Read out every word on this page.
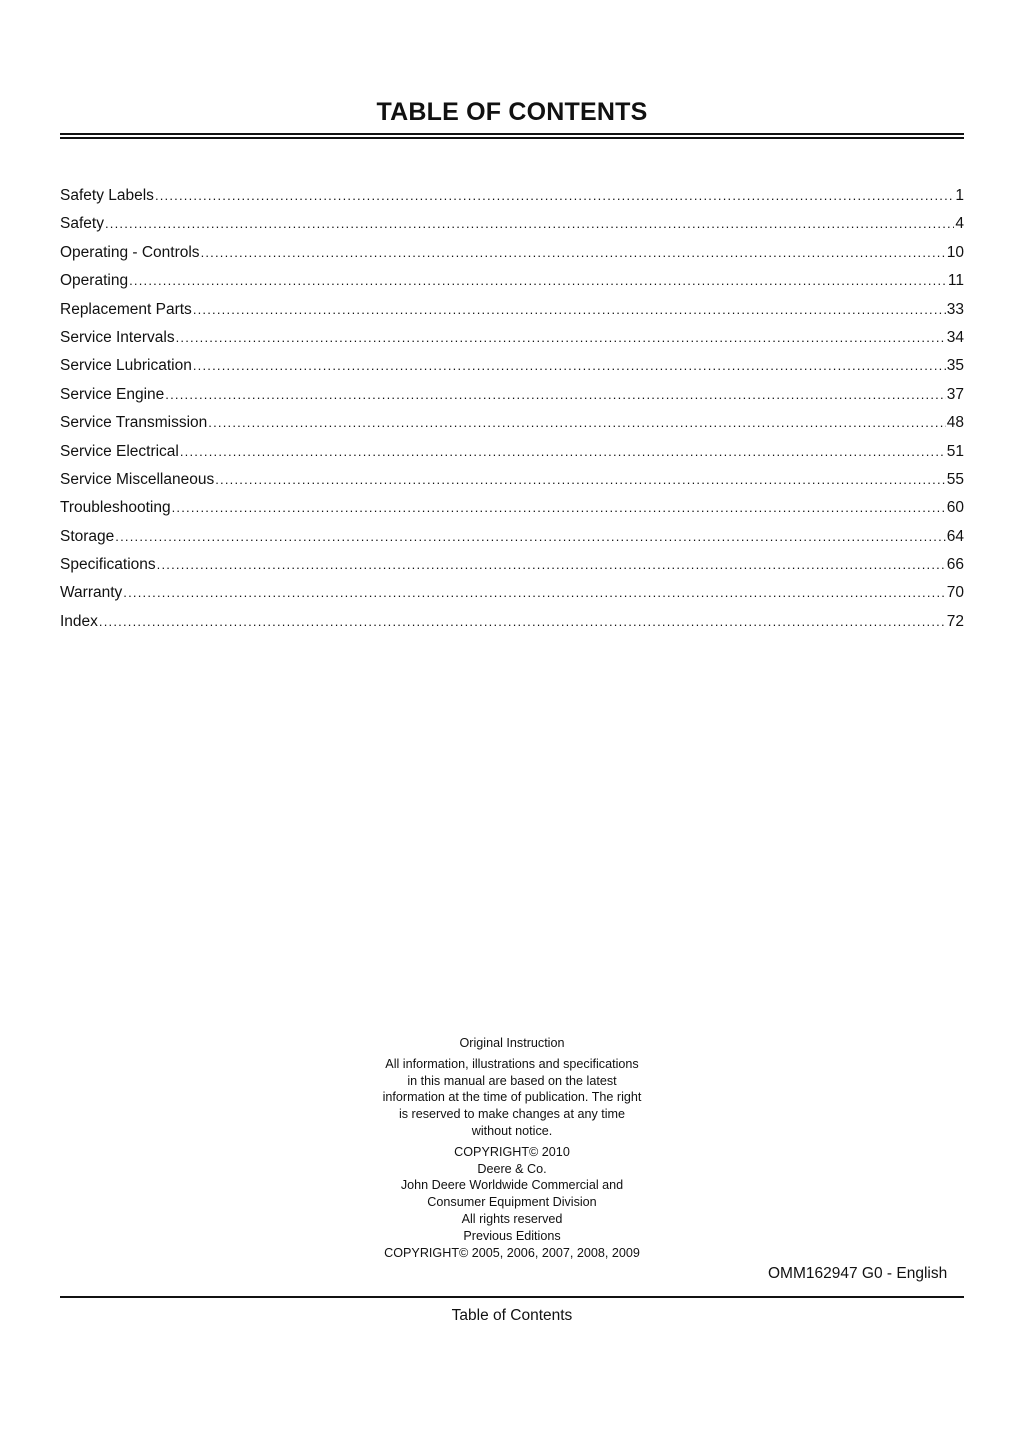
TABLE OF CONTENTS
Safety Labels .....	1
Safety .....	4
Operating - Controls .....	10
Operating .....	11
Replacement Parts .....	33
Service Intervals .....	34
Service Lubrication .....	35
Service Engine .....	37
Service Transmission .....	48
Service Electrical .....	51
Service Miscellaneous .....	55
Troubleshooting .....	60
Storage .....	64
Specifications .....	66
Warranty .....	70
Index .....	72

Original Instruction

All information, illustrations and specifications in this manual are based on the latest information at the time of publication. The right is reserved to make changes at any time without notice.

COPYRIGHT© 2010

Deere & Co.

John Deere Worldwide Commercial and Consumer Equipment Division

All rights reserved

Previous Editions

COPYRIGHT© 2005, 2006, 2007, 2008, 2009

OMM162947 G0 - English
Table of Contents
